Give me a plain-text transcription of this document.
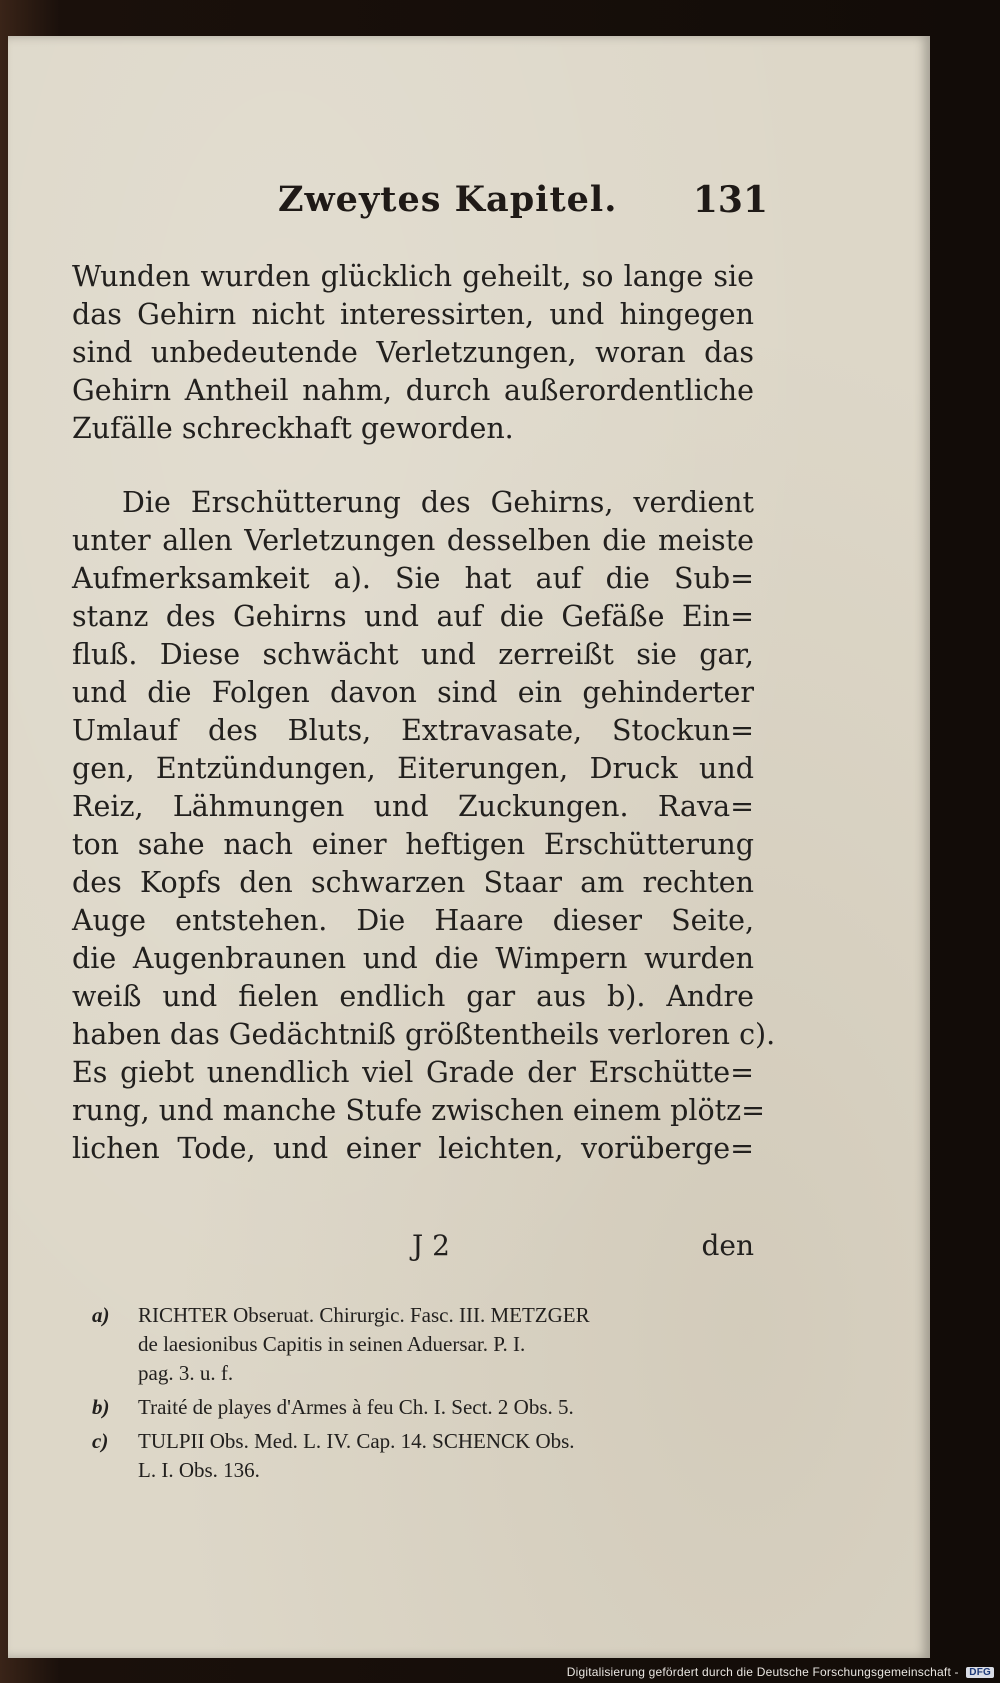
Zweytes Kapitel. 131
Wunden wurden glücklich geheilt, so lange sie
das Gehirn nicht interessirten, und hingegen
sind unbedeutende Verletzungen, woran das
Gehirn Antheil nahm, durch außerordentliche
Zufälle schreckhaft geworden.
Die Erschütterung des Gehirns, verdient
unter allen Verletzungen desselben die meiste
Aufmerksamkeit a). Sie hat auf die Sub=
stanz des Gehirns und auf die Gefäße Ein=
fluß. Diese schwächt und zerreißt sie gar,
und die Folgen davon sind ein gehinderter
Umlauf des Bluts, Extravasate, Stockun=
gen, Entzündungen, Eiterungen, Druck und
Reiz, Lähmungen und Zuckungen. Rava=
ton sahe nach einer heftigen Erschütterung
des Kopfs den schwarzen Staar am rechten
Auge entstehen. Die Haare dieser Seite,
die Augenbraunen und die Wimpern wurden
weiß und fielen endlich gar aus b). Andre
haben das Gedächtniß größtentheils verloren c).
Es giebt unendlich viel Grade der Erschütte=
rung, und manche Stufe zwischen einem plötz=
lichen Tode, und einer leichten, vorüberge=
J 2	den
a) RICHTER Obseruat. Chirurgic. Fasc. III. METZGER
de laesionibus Capitis in seinen Aduersar. P. I.
pag. 3. u. f.
b) Traité de playes d'Armes à feu Ch. I. Sect. 2 Obs. 5.
c) TULPII Obs. Med. L. IV. Cap. 14. SCHENCK Obs.
L. I. Obs. 136.
Digitalisierung gefördert durch die Deutsche Forschungsgemeinschaft - DFG
